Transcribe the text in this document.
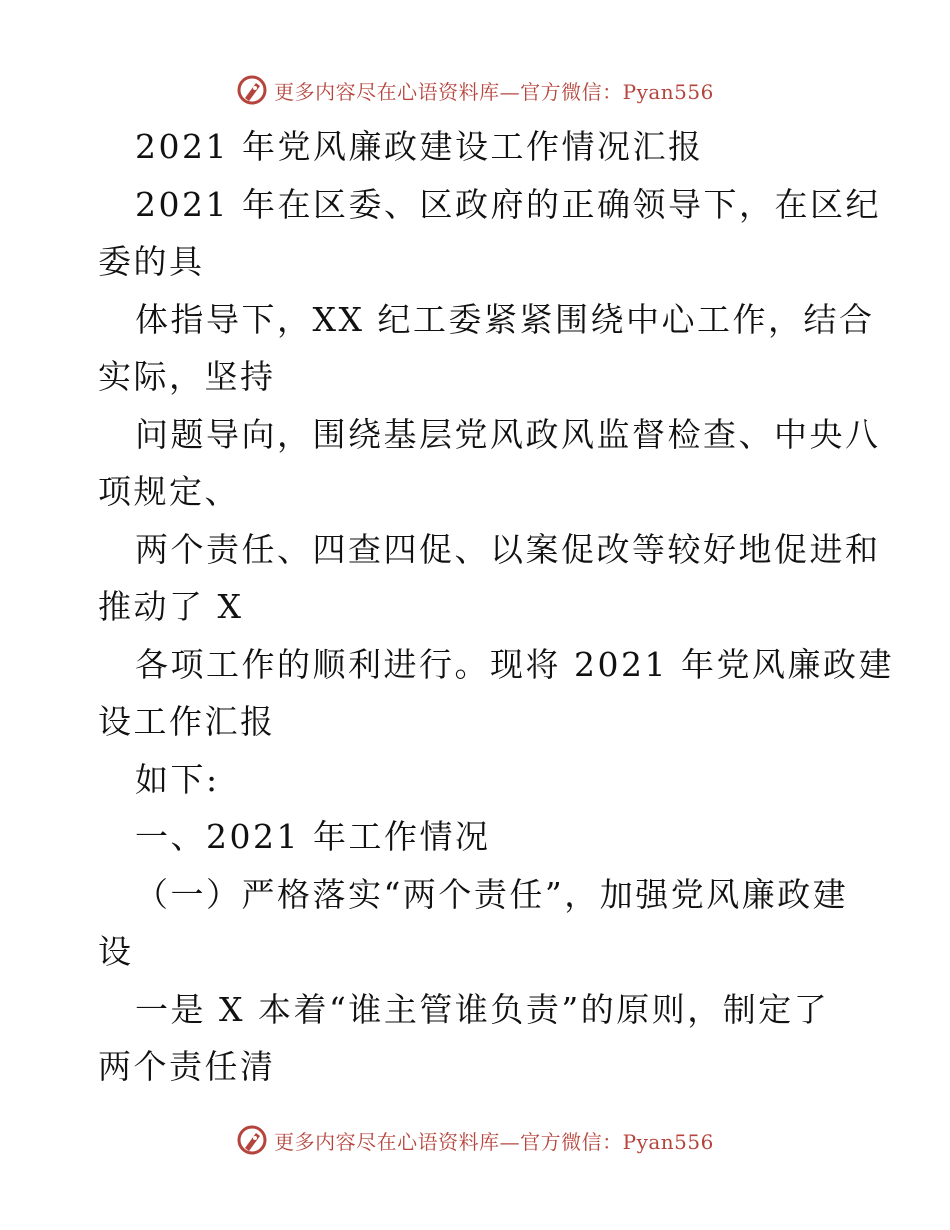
更多内容尽在心语资料库—官方微信：Pyan556
2021 年党风廉政建设工作情况汇报
2021 年在区委、区政府的正确领导下，在区纪
委的具
体指导下，XX 纪工委紧紧围绕中心工作，结合
实际，坚持
问题导向，围绕基层党风政风监督检查、中央八
项规定、
两个责任、四查四促、以案促改等较好地促进和
推动了 X
各项工作的顺利进行。现将 2021 年党风廉政建
设工作汇报
如下:
一、2021 年工作情况
（一）严格落实“两个责任”，加强党风廉政建
设
一是 X 本着“谁主管谁负责”的原则，制定了
两个责任清
更多内容尽在心语资料库—官方微信：Pyan556
